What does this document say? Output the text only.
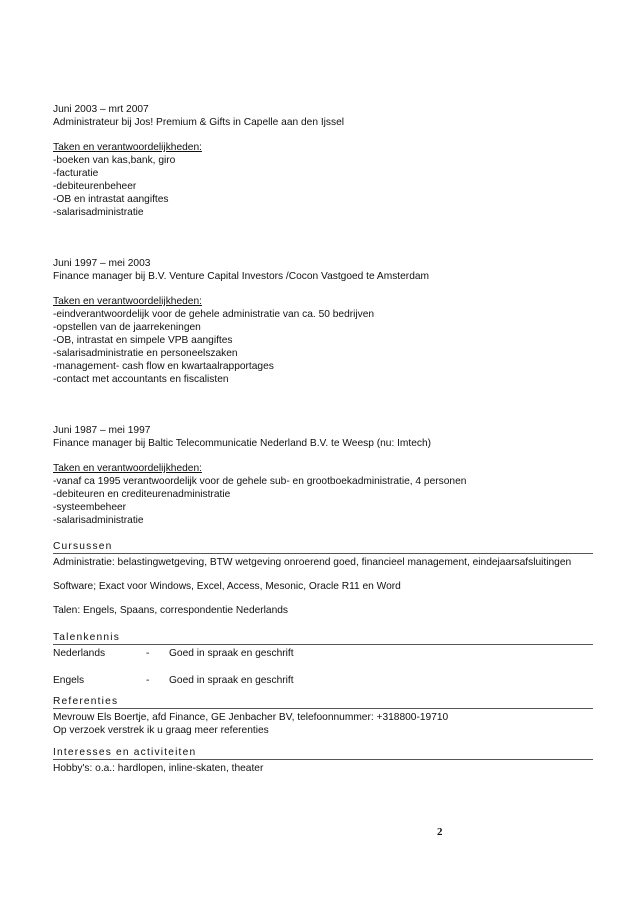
Juni 2003 – mrt 2007
Administrateur bij Jos! Premium & Gifts in Capelle aan den Ijssel
Taken en verantwoordelijkheden:
-boeken van kas,bank, giro
-facturatie
-debiteurenbeheer
-OB en intrastat aangiftes
-salarisadministratie
Juni 1997 – mei 2003
Finance manager bij B.V. Venture Capital Investors /Cocon Vastgoed te Amsterdam
Taken en verantwoordelijkheden:
-eindverantwoordelijk voor de gehele administratie van ca. 50 bedrijven
-opstellen van de jaarrekeningen
-OB, intrastat en simpele VPB aangiftes
-salarisadministratie en personeelszaken
-management- cash flow en kwartaalrapportages
-contact met accountants en fiscalisten
Juni 1987 – mei 1997
Finance manager bij Baltic Telecommunicatie Nederland B.V. te Weesp (nu: Imtech)
Taken en verantwoordelijkheden:
-vanaf ca 1995 verantwoordelijk voor de gehele sub- en grootboekadministratie, 4 personen
-debiteuren en crediteurenadministratie
-systeembeheer
-salarisadministratie
Cursussen
Administratie: belastingwetgeving, BTW wetgeving onroerend goed, financieel management, eindejaarsafsluitingen
Software; Exact voor Windows, Excel, Access, Mesonic, Oracle R11 en Word
Talen: Engels, Spaans, correspondentie Nederlands
Talenkennis
Nederlands	- Goed in spraak en geschrift
Engels	- Goed in spraak en geschrift
Referenties
Mevrouw Els Boertje, afd Finance, GE Jenbacher BV, telefoonnummer: +318800-19710
Op verzoek verstrek ik u graag meer referenties
Interesses en activiteiten
Hobby's: o.a.: hardlopen, inline-skaten, theater
2
